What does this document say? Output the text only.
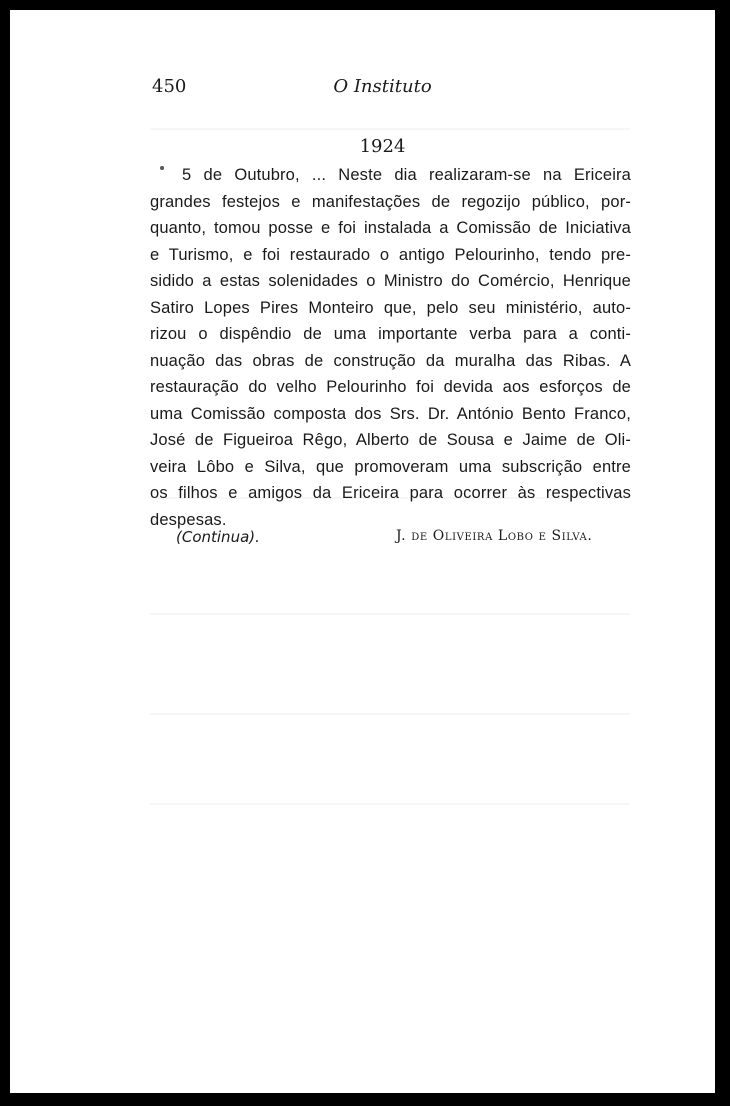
450	O Instituto
1924
5 de Outubro, ... Neste dia realizaram-se na Ericeira
grandes festejos e manifestações de regozijo público, por-
quanto, tomou posse e foi instalada a Comissão de Iniciativa
e Turismo, e foi restaurado o antigo Pelourinho, tendo pre-
sidido a estas solenidades o Ministro do Comércio, Henrique
Satiro Lopes Pires Monteiro que, pelo seu ministério, auto-
rizou o dispêndio de uma importante verba para a conti-
nuação das obras de construção da muralha das Ribas. A
restauração do velho Pelourinho foi devida aos esforços de
uma Comissão composta dos Srs. Dr. António Bento Franco,
José de Figueiroa Rêgo, Alberto de Sousa e Jaime de Oli-
veira Lôbo e Silva, que promoveram uma subscrição entre
os filhos e amigos da Ericeira para ocorrer às respectivas
despesas.
(Continua).	J. de Oliveira Lobo e Silva.
